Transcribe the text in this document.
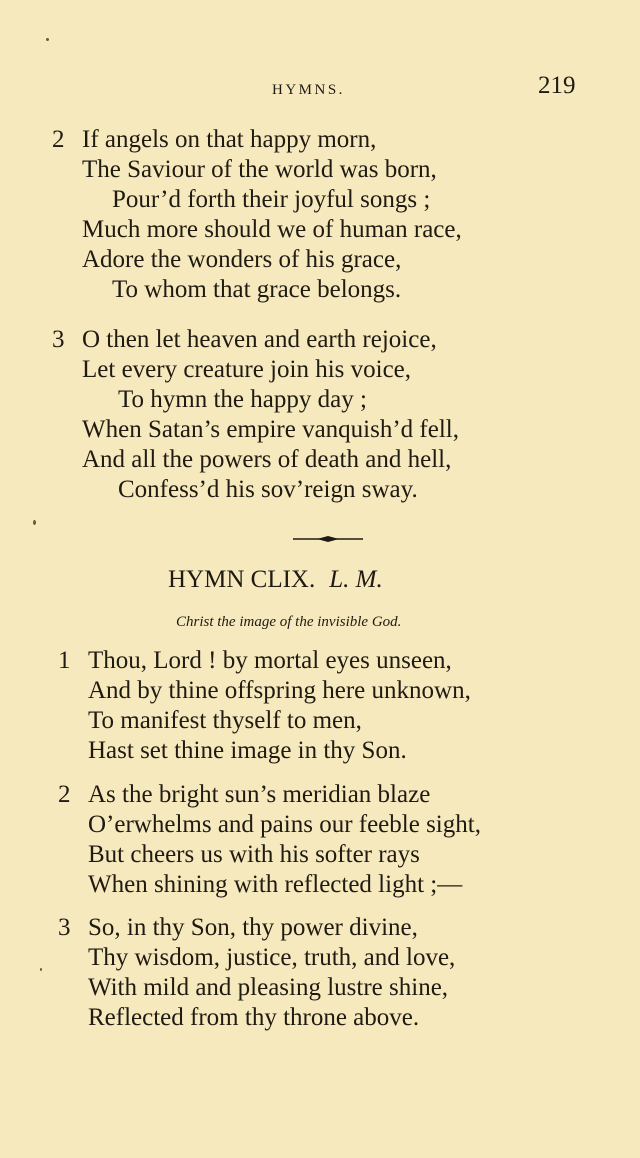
HYMNS.	219
2 If angels on that happy morn,
The Saviour of the world was born,
Pour’d forth their joyful songs ;
Much more should we of human race,
Adore the wonders of his grace,
To whom that grace belongs.
3 O then let heaven and earth rejoice,
Let every creature join his voice,
To hymn the happy day ;
When Satan’s empire vanquish’d fell,
And all the powers of death and hell,
Confess’d his sov’reign sway.
HYMN CLIX. L. M.
Christ the image of the invisible God.
1 Thou, Lord ! by mortal eyes unseen,
And by thine offspring here unknown,
To manifest thyself to men,
Hast set thine image in thy Son.
2 As the bright sun’s meridian blaze
O’erwhelms and pains our feeble sight,
But cheers us with his softer rays
When shining with reflected light ;—
3 So, in thy Son, thy power divine,
Thy wisdom, justice, truth, and love,
With mild and pleasing lustre shine,
Reflected from thy throne above.
